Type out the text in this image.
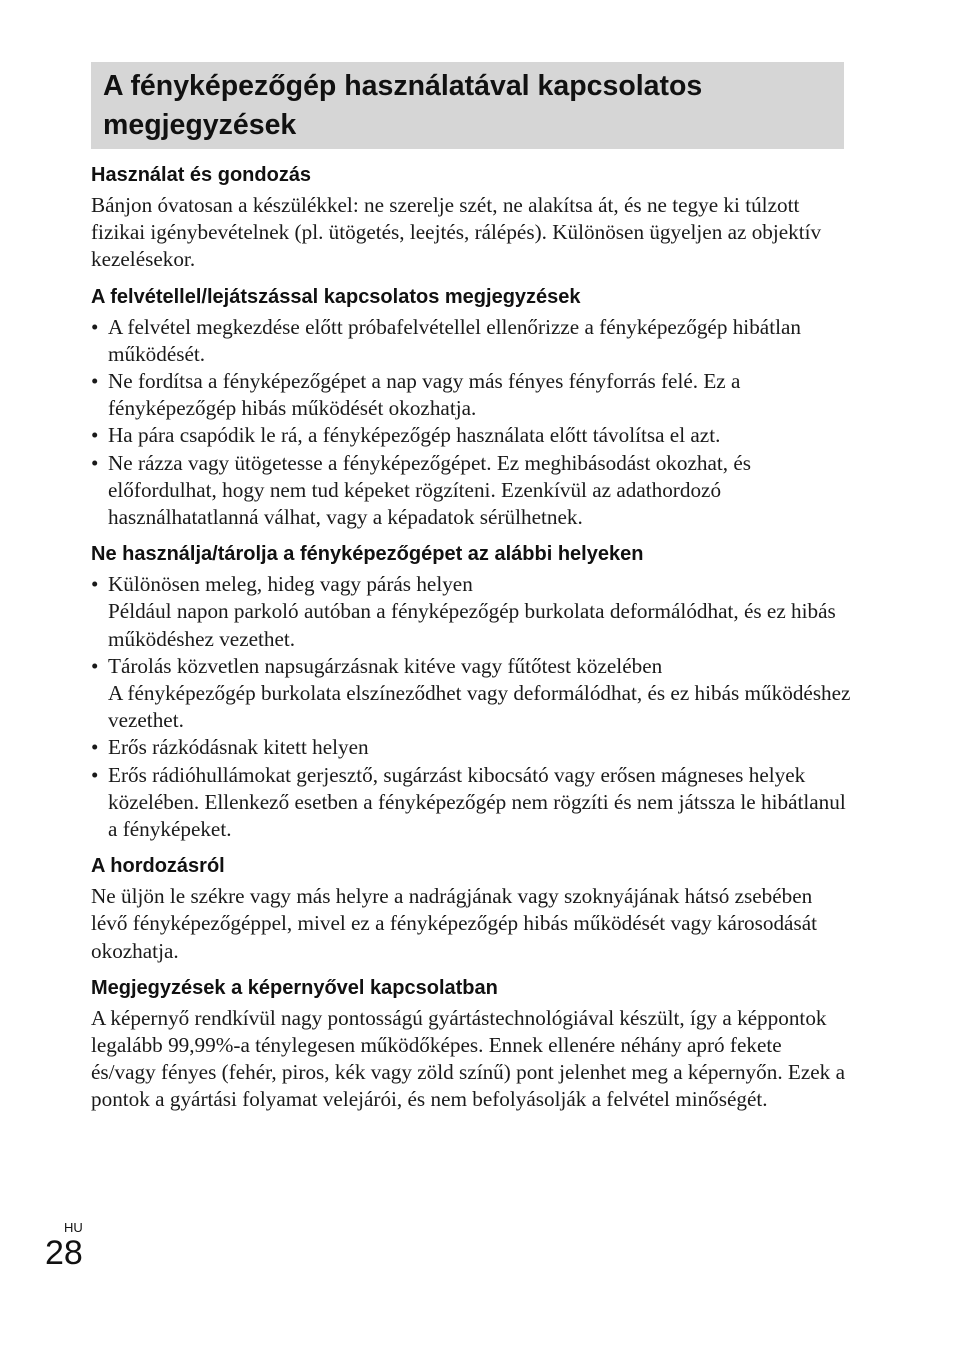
A fényképezőgép használatával kapcsolatos
megjegyzések
Használat és gondozás

Bánjon óvatosan a készülékkel: ne szerelje szét, ne alakítsa át, és ne tegye ki túlzott fizikai igénybevételnek (pl. ütögetés, leejtés, rálépés). Különösen ügyeljen az objektív kezelésekor.

A felvétellel/lejátszással kapcsolatos megjegyzések
• A felvétel megkezdése előtt próbafelvétellel ellenőrizze a fényképezőgép hibátlan működését.
• Ne fordítsa a fényképezőgépet a nap vagy más fényes fényforrás felé. Ez a fényképezőgép hibás működését okozhatja.
• Ha pára csapódik le rá, a fényképezőgép használata előtt távolítsa el azt.
• Ne rázza vagy ütögetesse a fényképezőgépet. Ez meghibásodást okozhat, és előfordulhat, hogy nem tud képeket rögzíteni. Ezenkívül az adathordozó használhatatlanná válhat, vagy a képadatok sérülhetnek.
Ne használja/tárolja a fényképezőgépet az alábbi helyeken
• Különösen meleg, hideg vagy párás helyen
Például napon parkoló autóban a fényképezőgép burkolata deformálódhat, és ez hibás működéshez vezethet.
• Tárolás közvetlen napsugárzásnak kitéve vagy fűtőtest közelében
A fényképezőgép burkolata elszíneződhet vagy deformálódhat, és ez hibás működéshez vezethet.
• Erős rázkódásnak kitett helyen
• Erős rádióhullámokat gerjesztő, sugárzást kibocsátó vagy erősen mágneses helyek közelében. Ellenkező esetben a fényképezőgép nem rögzíti és nem játssza le hibátlanul a fényképeket.
A hordozásról

Ne üljön le székre vagy más helyre a nadrágjának vagy szoknyájának hátsó zsebében lévő fényképezőgéppel, mivel ez a fényképezőgép hibás működését vagy károsodását okozhatja.

Megjegyzések a képernyővel kapcsolatban

A képernyő rendkívül nagy pontosságú gyártástechnológiával készült, így a képpontok legalább 99,99%-a ténylegesen működőképes. Ennek ellenére néhány apró fekete és/vagy fényes (fehér, piros, kék vagy zöld színű) pont jelenhet meg a képernyőn. Ezek a pontok a gyártási folyamat velejárói, és nem befolyásolják a felvétel minőségét.

HU
28
